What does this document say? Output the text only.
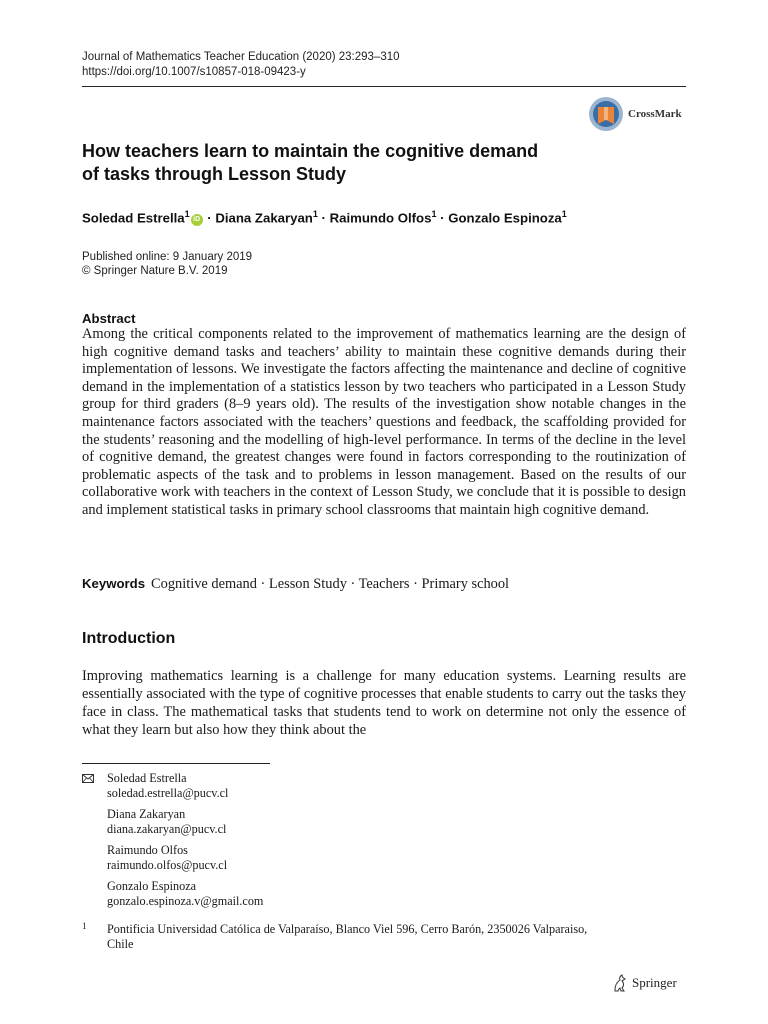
Journal of Mathematics Teacher Education (2020) 23:293–310
https://doi.org/10.1007/s10857-018-09423-y
CrossMark
How teachers learn to maintain the cognitive demand
of tasks through Lesson Study
Soledad Estrella$^1$iD · Diana Zakaryan$^1$ · Raimundo Olfos$^1$ · Gonzalo Espinoza$^1$
Published online: 9 January 2019
© Springer Nature B.V. 2019
Abstract
Among the critical components related to the improvement of mathematics learning are the design of high cognitive demand tasks and teachers’ ability to maintain these cognitive demands during their implementation of lessons. We investigate the factors affecting the maintenance and decline of cognitive demand in the implementation of a statistics lesson by two teachers who participated in a Lesson Study group for third graders (8–9 years old). The results of the investigation show notable changes in the maintenance factors associated with the teachers’ questions and feedback, the scaffolding provided for the students’ reasoning and the modelling of high-level performance. In terms of the decline in the level of cognitive demand, the greatest changes were found in factors corresponding to the routinization of problematic aspects of the task and to problems in lesson management. Based on the results of our collaborative work with teachers in the context of Lesson Study, we conclude that it is possible to design and implement statistical tasks in primary school classrooms that maintain high cognitive demand.
Keywords Cognitive demand · Lesson Study · Teachers · Primary school
Introduction
Improving mathematics learning is a challenge for many education systems. Learning results are essentially associated with the type of cognitive processes that enable students to carry out the tasks they face in class. The mathematical tasks that students tend to work on determine not only the essence of what they learn but also how they think about the
Soledad Estrella
soledad.estrella@pucv.cl
Diana Zakaryan
diana.zakaryan@pucv.cl
Raimundo Olfos
raimundo.olfos@pucv.cl
Gonzalo Espinoza
gonzalo.espinoza.v@gmail.com
1	Pontificia Universidad Católica de Valparaíso, Blanco Viel 596, Cerro Barón, 2350026 Valparaiso,
Chile
Springer
